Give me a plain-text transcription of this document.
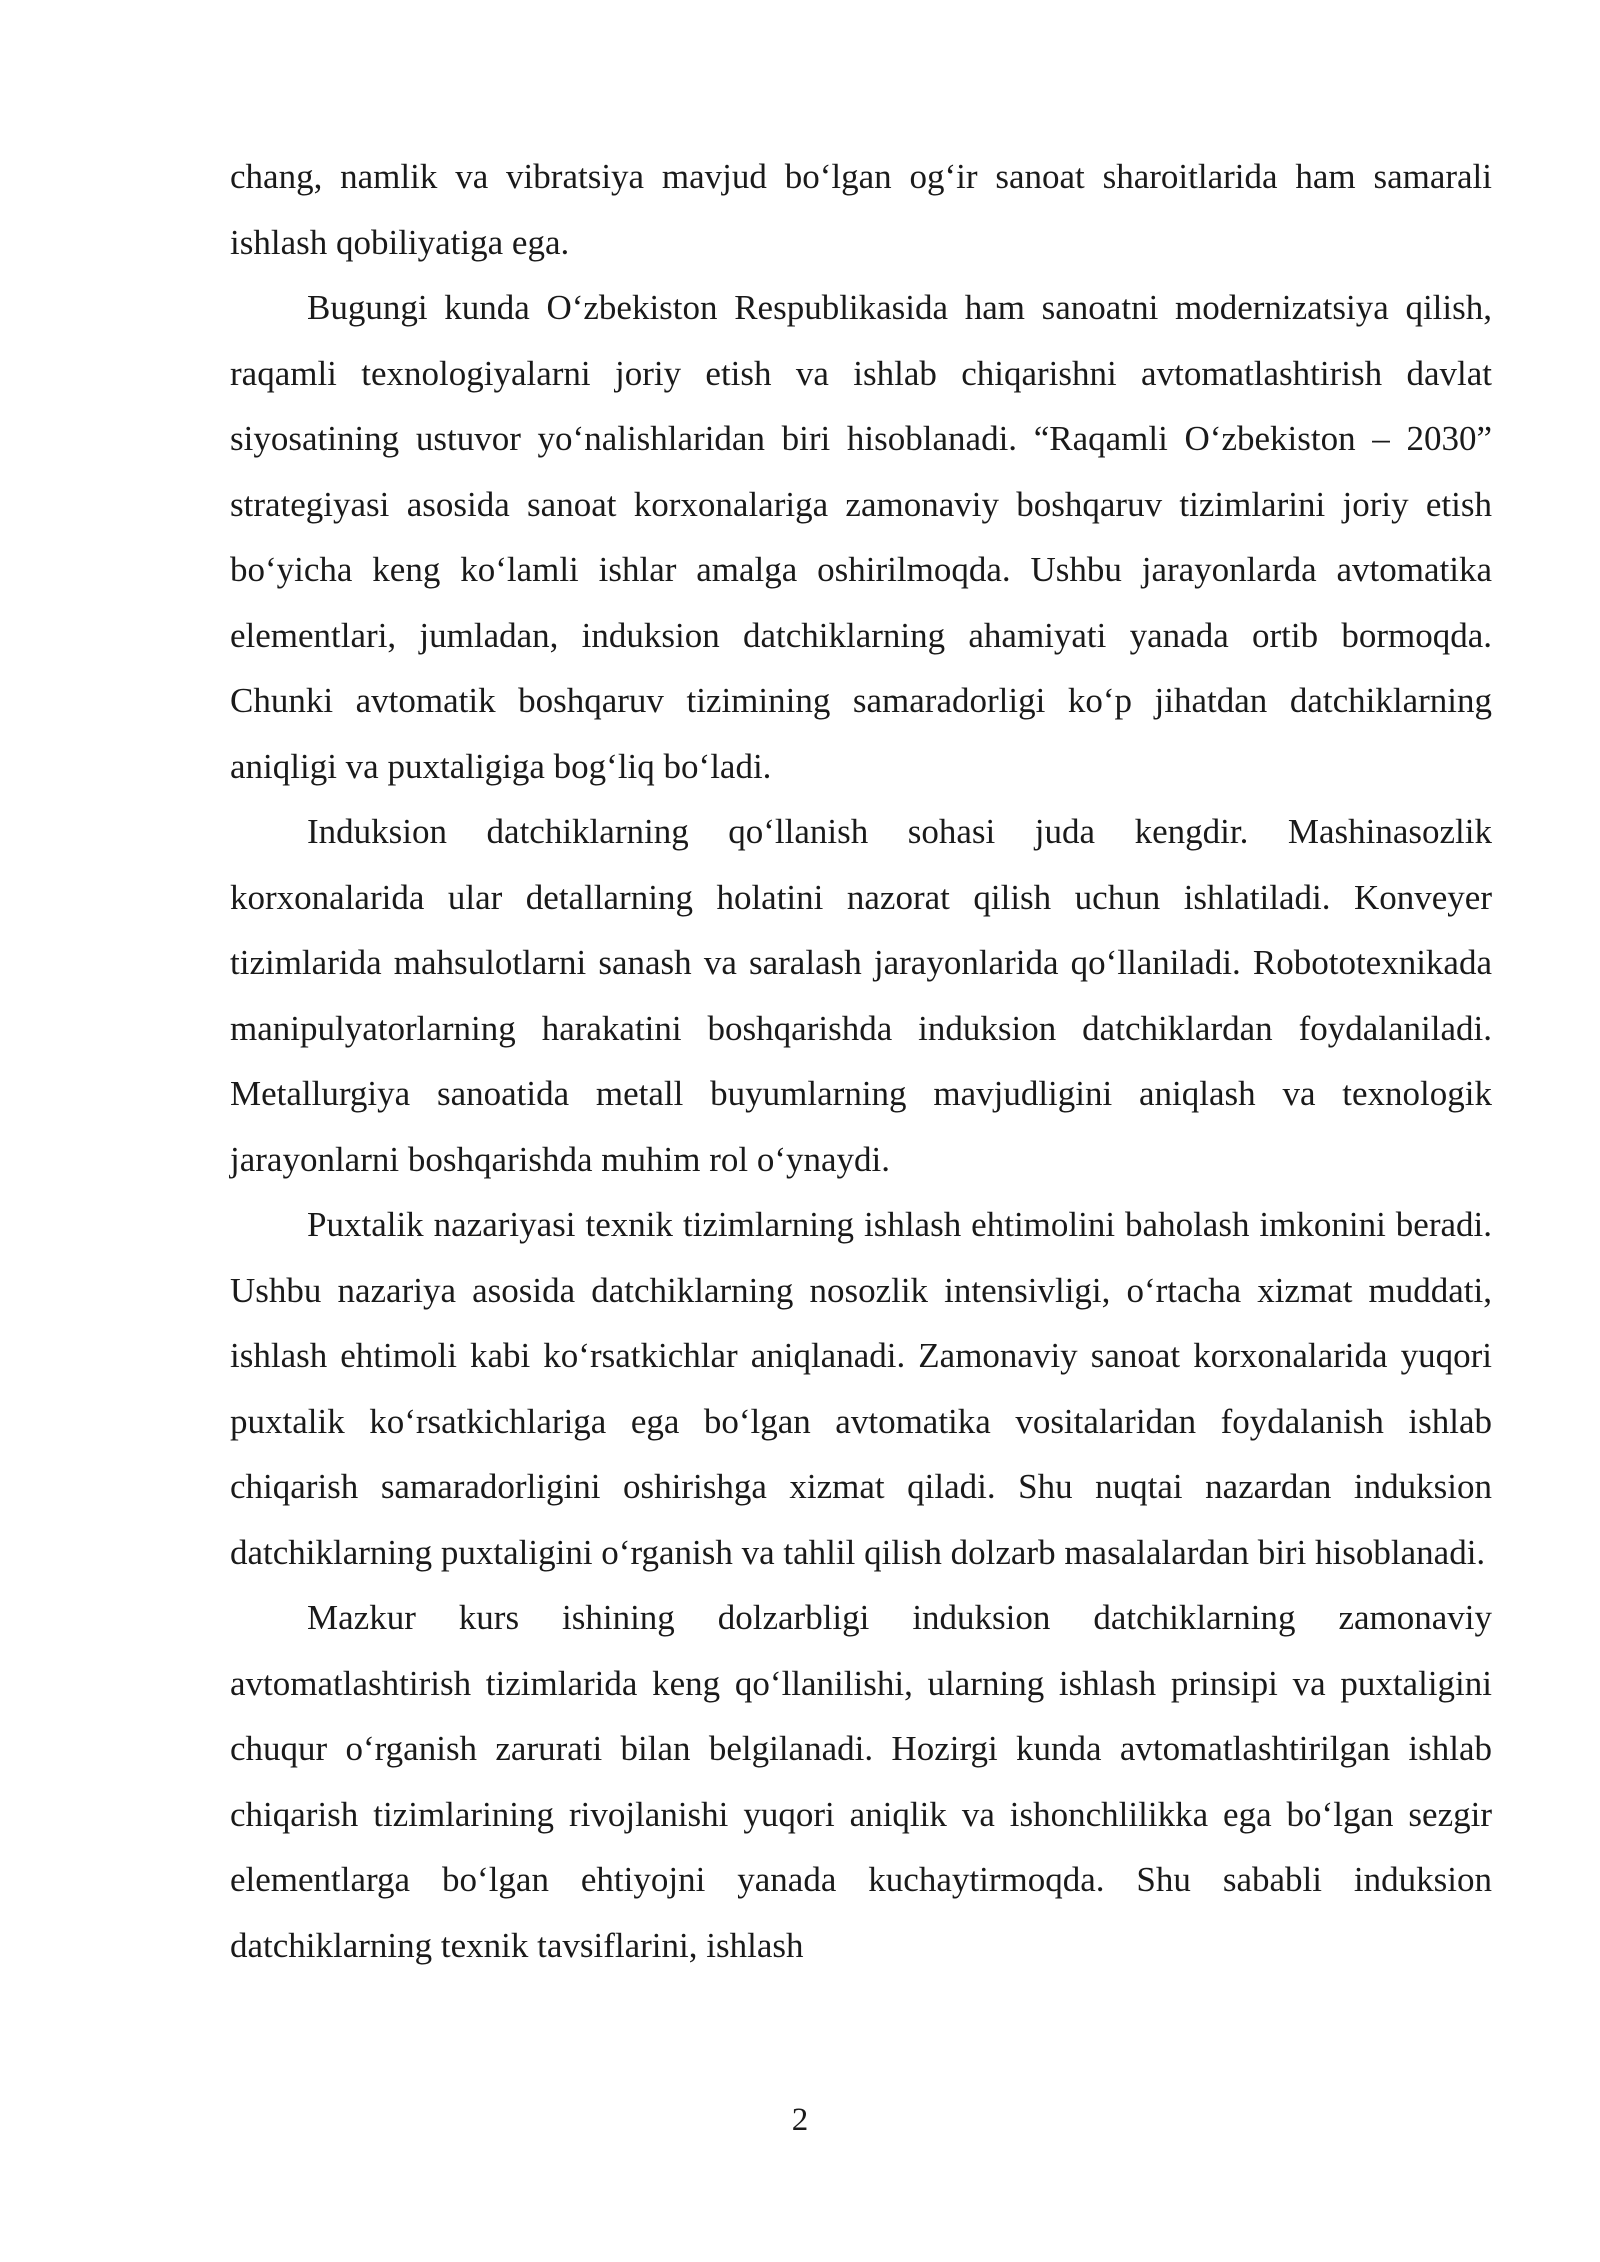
chang, namlik va vibratsiya mavjud bo‘lgan og‘ir sanoat sharoitlarida ham samarali ishlash qobiliyatiga ega.

Bugungi kunda O‘zbekiston Respublikasida ham sanoatni modernizatsiya qilish, raqamli texnologiyalarni joriy etish va ishlab chiqarishni avtomatlashtirish davlat siyosatining ustuvor yo‘nalishlaridan biri hisoblanadi. “Raqamli O‘zbekiston – 2030” strategiyasi asosida sanoat korxonalariga zamonaviy boshqaruv tizimlarini joriy etish bo‘yicha keng ko‘lamli ishlar amalga oshirilmoqda. Ushbu jarayonlarda avtomatika elementlari, jumladan, induksion datchiklarning ahamiyati yanada ortib bormoqda. Chunki avtomatik boshqaruv tizimining samaradorligi ko‘p jihatdan datchiklarning aniqligi va puxtaligiga bog‘liq bo‘ladi.

Induksion datchiklarning qo‘llanish sohasi juda kengdir. Mashinasozlik korxonalarida ular detallarning holatini nazorat qilish uchun ishlatiladi. Konveyer tizimlarida mahsulotlarni sanash va saralash jarayonlarida qo‘llaniladi. Robototexnikada manipulyatorlarning harakatini boshqarishda induksion datchiklardan foydalaniladi. Metallurgiya sanoatida metall buyumlarning mavjudligini aniqlash va texnologik jarayonlarni boshqarishda muhim rol o‘ynaydi.

Puxtalik nazariyasi texnik tizimlarning ishlash ehtimolini baholash imkonini beradi. Ushbu nazariya asosida datchiklarning nosozlik intensivligi, o‘rtacha xizmat muddati, ishlash ehtimoli kabi ko‘rsatkichlar aniqlanadi. Zamonaviy sanoat korxonalarida yuqori puxtalik ko‘rsatkichlariga ega bo‘lgan avtomatika vositalaridan foydalanish ishlab chiqarish samaradorligini oshirishga xizmat qiladi. Shu nuqtai nazardan induksion datchiklarning puxtaligini o‘rganish va tahlil qilish dolzarb masalalardan biri hisoblanadi.

Mazkur kurs ishining dolzarbligi induksion datchiklarning zamonaviy avtomatlashtirish tizimlarida keng qo‘llanilishi, ularning ishlash prinsipi va puxtaligini chuqur o‘rganish zarurati bilan belgilanadi. Hozirgi kunda avtomatlashtirilgan ishlab chiqarish tizimlarining rivojlanishi yuqori aniqlik va ishonchlilikka ega bo‘lgan sezgir elementlarga bo‘lgan ehtiyojni yanada kuchaytirmoqda. Shu sababli induksion datchiklarning texnik tavsiflarini, ishlash

2
